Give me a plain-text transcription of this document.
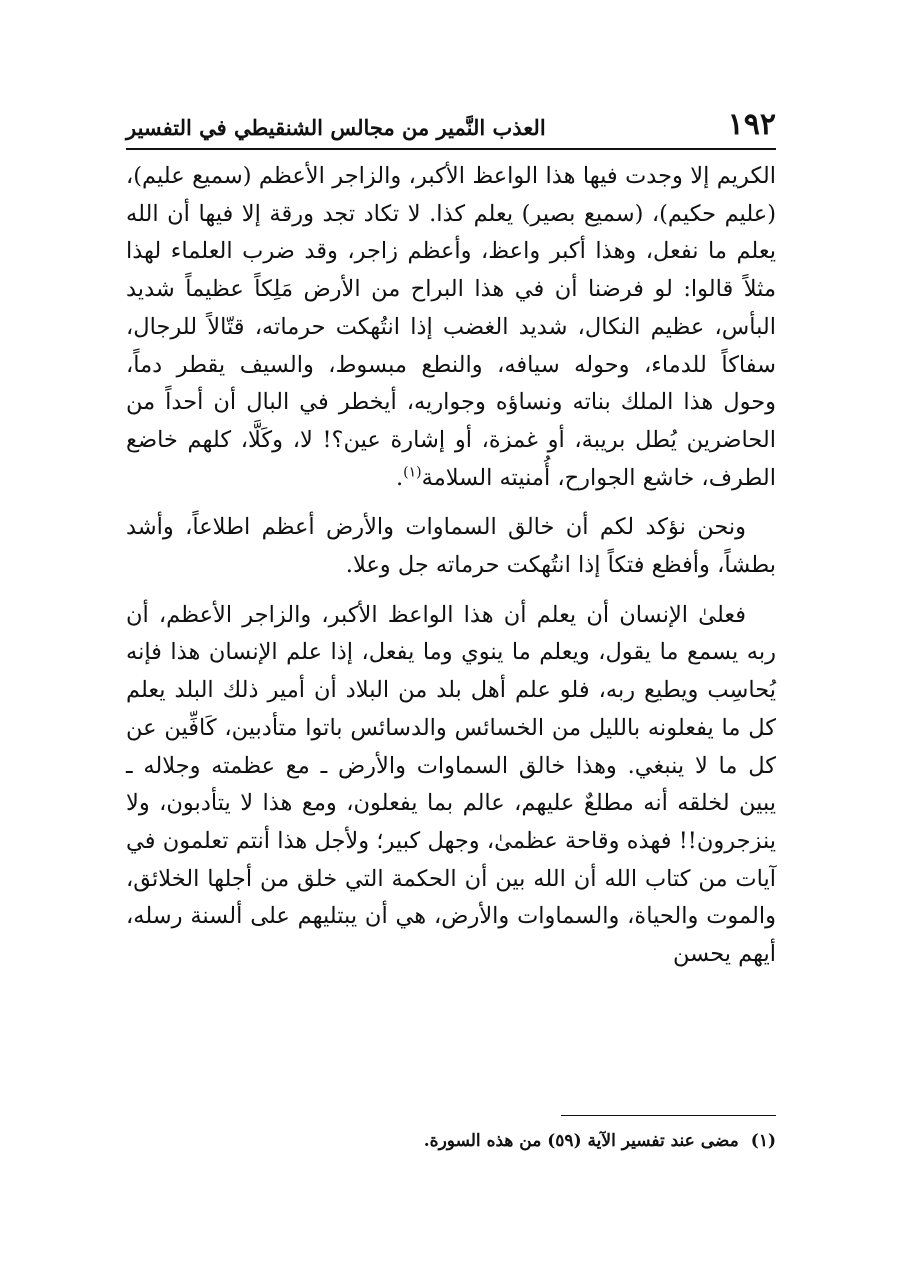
١٩٢
العذب النَّمير من مجالس الشنقيطي في التفسير

الكريم إلا وجدت فيها هذا الواعظ الأكبر، والزاجر الأعظم (سميع عليم)، (عليم حكيم)، (سميع بصير) يعلم كذا. لا تكاد تجد ورقة إلا فيها أن الله يعلم ما نفعل، وهذا أكبر واعظ، وأعظم زاجر، وقد ضرب العلماء لهذا مثلاً قالوا: لو فرضنا أن في هذا البراح من الأرض مَلِكاً عظيماً شديد البأس، عظيم النكال، شديد الغضب إذا انتُهكت حرماته، قتّالاً للرجال، سفاكاً للدماء، وحوله سيافه، والنطع مبسوط، والسيف يقطر دماً، وحول هذا الملك بناته ونساؤه وجواريه، أيخطر في البال أن أحداً من الحاضرين يُطل بريبة، أو غمزة، أو إشارة عين؟! لا، وكَلَّا، كلهم خاضع الطرف، خاشع الجوارح، أُمنيته السلامة$^{(١)}$.

ونحن نؤكد لكم أن خالق السماوات والأرض أعظم اطلاعاً، وأشد بطشاً، وأفظع فتكاً إذا انتُهكت حرماته جل وعلا.

فعلىٰ الإنسان أن يعلم أن هذا الواعظ الأكبر، والزاجر الأعظم، أن ربه يسمع ما يقول، ويعلم ما ينوي وما يفعل، إذا علم الإنسان هذا فإنه يُحاسِب ويطيع ربه، فلو علم أهل بلد من البلاد أن أمير ذلك البلد يعلم كل ما يفعلونه بالليل من الخسائس والدسائس باتوا متأدبين، كَافِّين عن كل ما لا ينبغي. وهذا خالق السماوات والأرض ـ مع عظمته وجلاله ـ يبين لخلقه أنه مطلعٌ عليهم، عالم بما يفعلون، ومع هذا لا يتأدبون، ولا ينزجرون!! فهذه وقاحة عظمىٰ، وجهل كبير؛ ولأجل هذا أنتم تعلمون في آيات من كتاب الله أن الله بين أن الحكمة التي خلق من أجلها الخلائق، والموت والحياة، والسماوات والأرض، هي أن يبتليهم على ألسنة رسله، أيهم يحسن

(١)
مضى عند تفسير الآية (٥٩) من هذه السورة.
